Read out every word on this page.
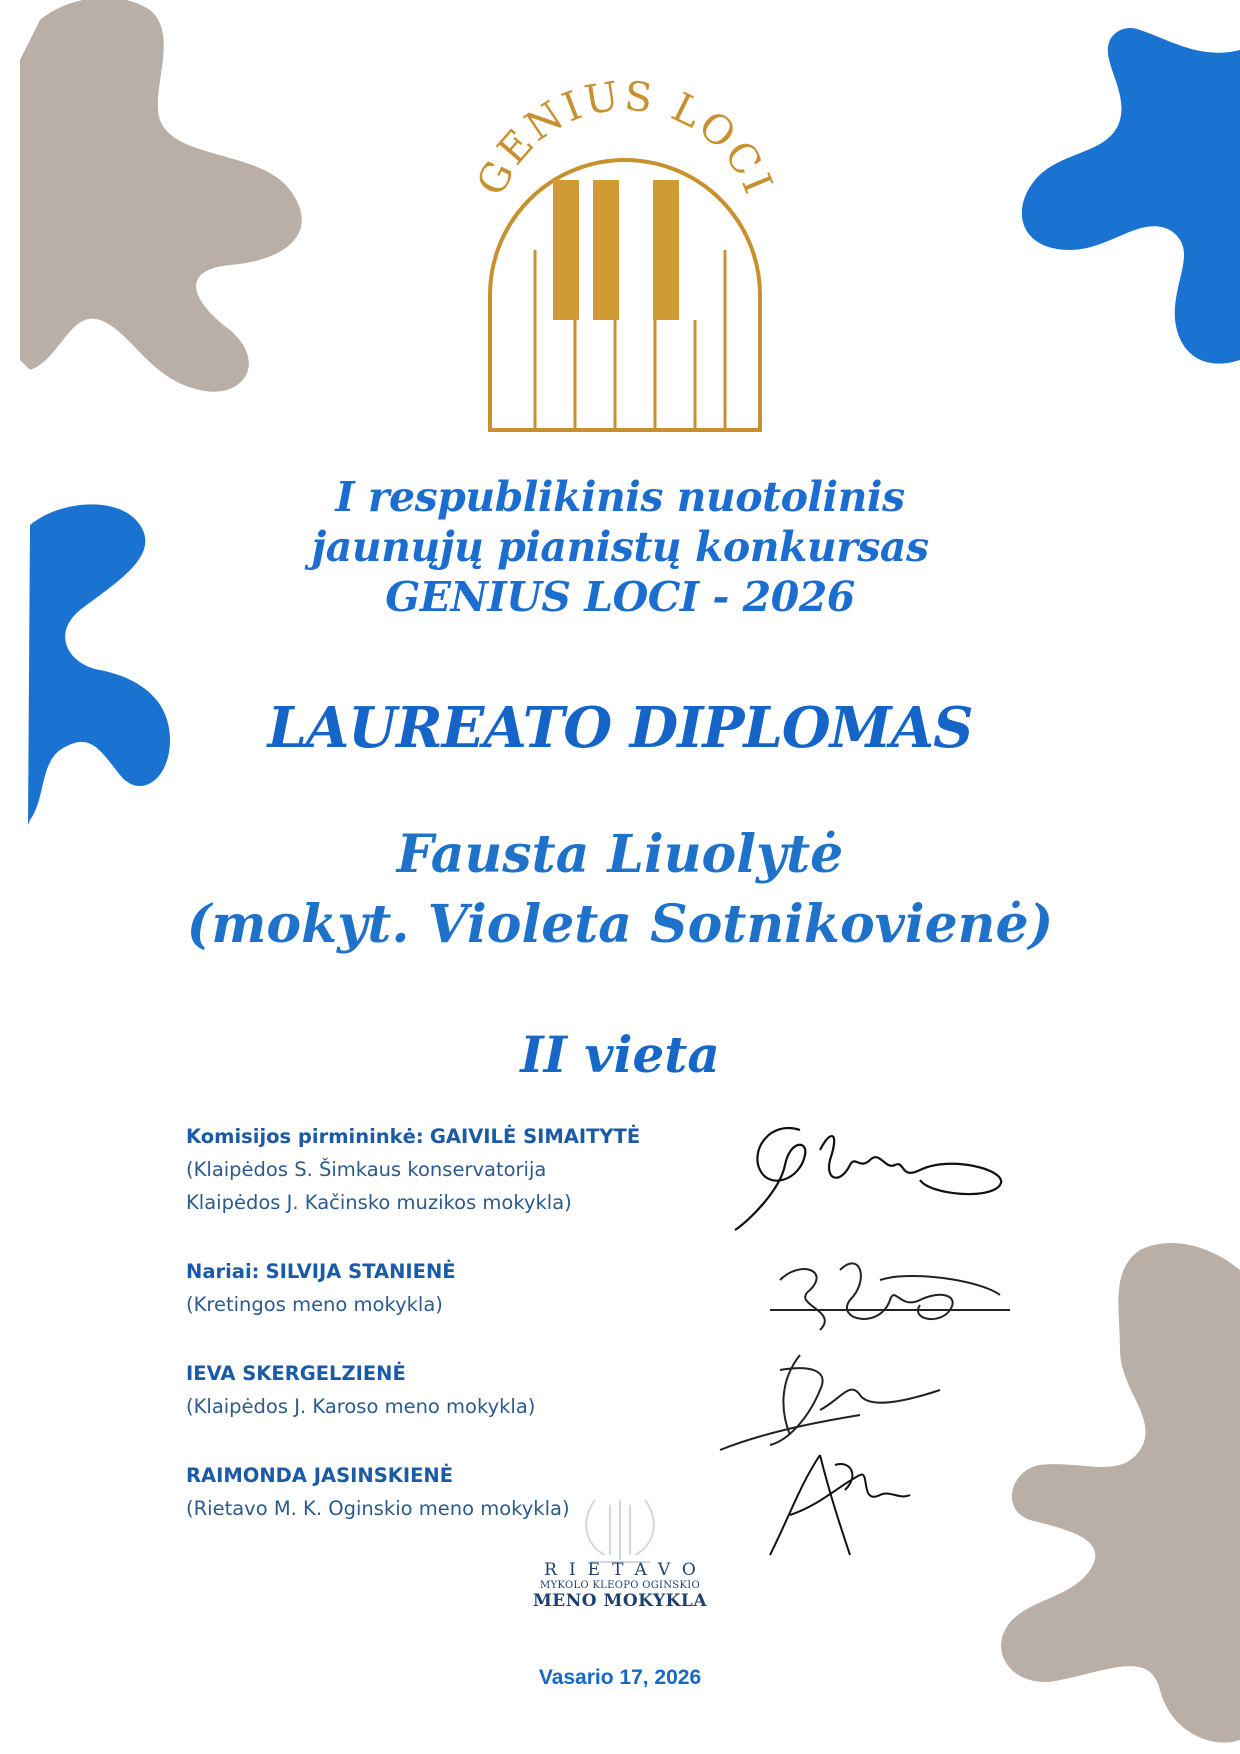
GENIUS LOCI
I respublikinis nuotolinis
jaunųjų pianistų konkursas
GENIUS LOCI - 2026
LAUREATO DIPLOMAS
Fausta Liuolytė
(mokyt. Violeta Sotnikovienė)
II vieta
Komisijos pirmininkė: GAIVILĖ SIMAITYTĖ
(Klaipėdos S. Šimkaus konservatorija
Klaipėdos J. Kačinsko muzikos mokykla)
Nariai: SILVIJA STANIENĖ
(Kretingos meno mokykla)
IEVA SKERGELZIENĖ
(Klaipėdos J. Karoso meno mokykla)
RAIMONDA JASINSKIENĖ
(Rietavo M. K. Oginskio meno mokykla)
RIETAVO
MYKOLO KLEOPO OGINSKIO
MENO MOKYKLA
Vasario 17, 2026
